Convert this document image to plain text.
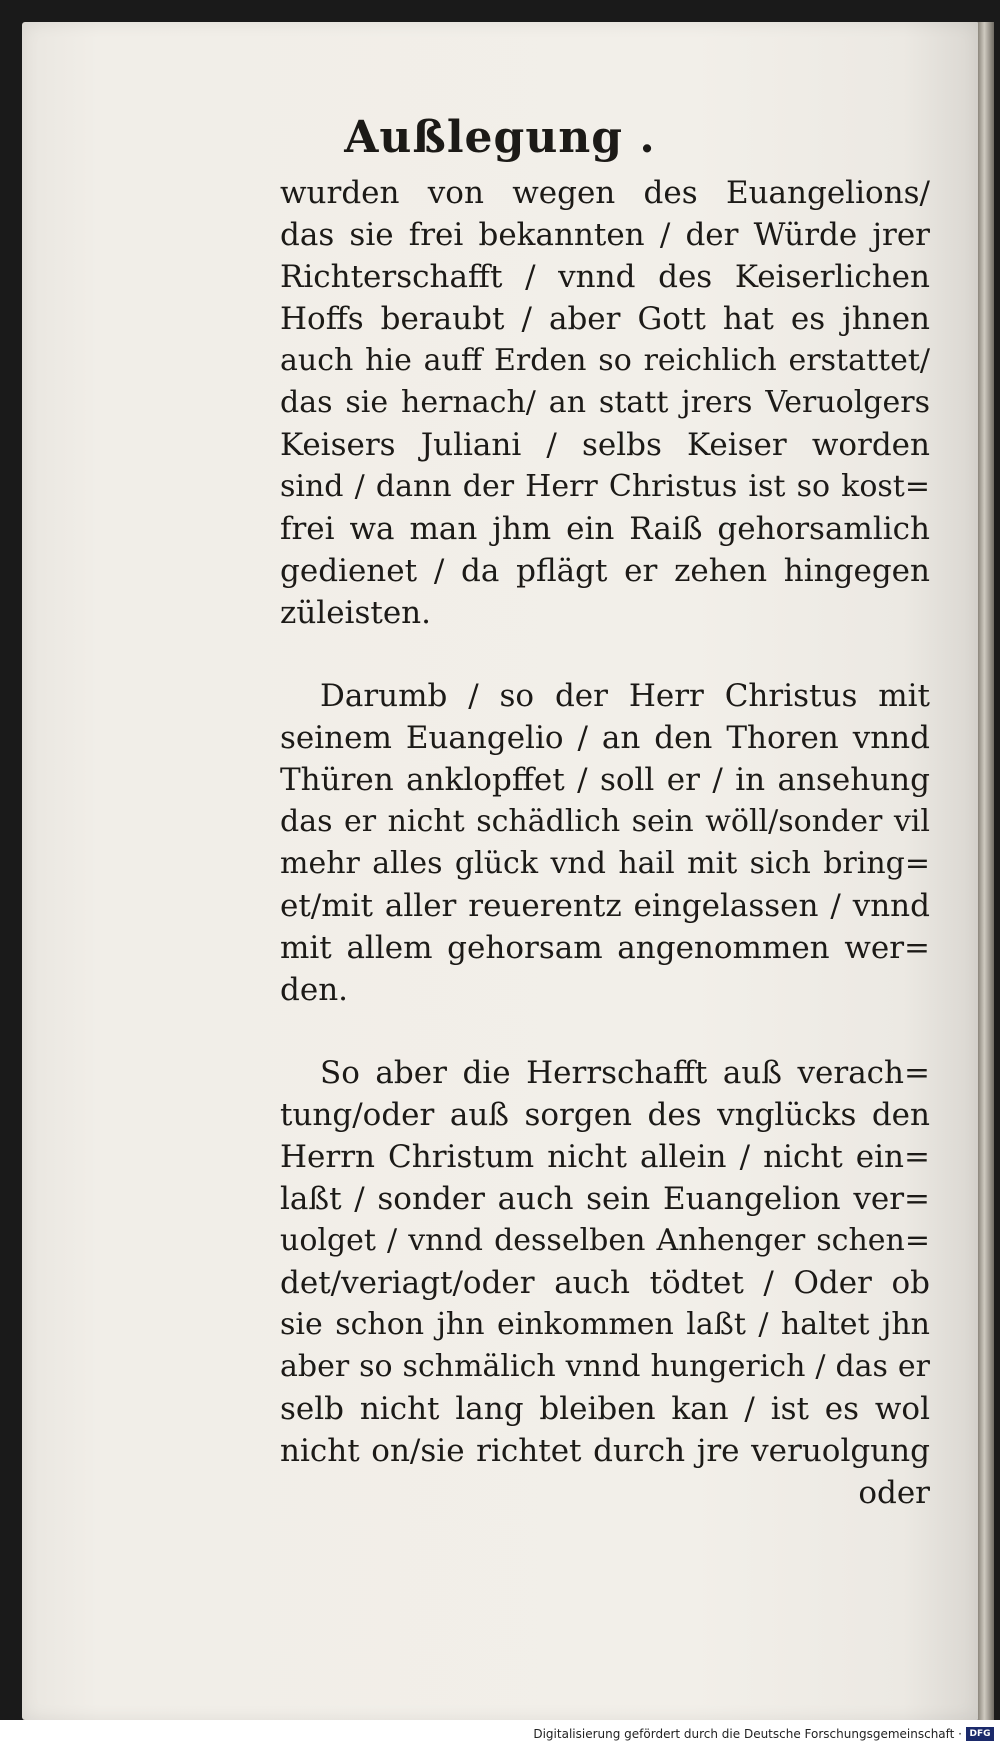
Außlegung .
wurden von wegen des Euangelions/
das sie frei bekannten / der Würde jrer
Richterschafft / vnnd des Keiserlichen
Hoffs beraubt / aber Gott hat es jhnen
auch hie auff Erden so reichlich erstattet/
das sie hernach/ an statt jrers Veruolgers
Keisers Juliani / selbs Keiser worden
sind / dann der Herr Christus ist so kost=
frei wa man jhm ein Raiß gehorsamlich
gedienet / da pflägt er zehen hingegen
züleisten.
Darumb / so der Herr Christus mit
seinem Euangelio / an den Thoren vnnd
Thüren anklopffet / soll er / in ansehung
das er nicht schädlich sein wöll/sonder vil
mehr alles glück vnd hail mit sich bring=
et/mit aller reuerentz eingelassen / vnnd
mit allem gehorsam angenommen wer=
den.
So aber die Herrschafft auß verach=
tung/oder auß sorgen des vnglücks den
Herrn Christum nicht allein / nicht ein=
laßt / sonder auch sein Euangelion ver=
uolget / vnnd desselben Anhenger schen=
det/veriagt/oder auch tödtet / Oder ob
sie schon jhn einkommen laßt / haltet jhn
aber so schmälich vnnd hungerich / das er
selb nicht lang bleiben kan / ist es wol
nicht on/sie richtet durch jre veruolgung
oder
Digitalisierung gefördert durch die Deutsche Forschungsgemeinschaft · DFG
